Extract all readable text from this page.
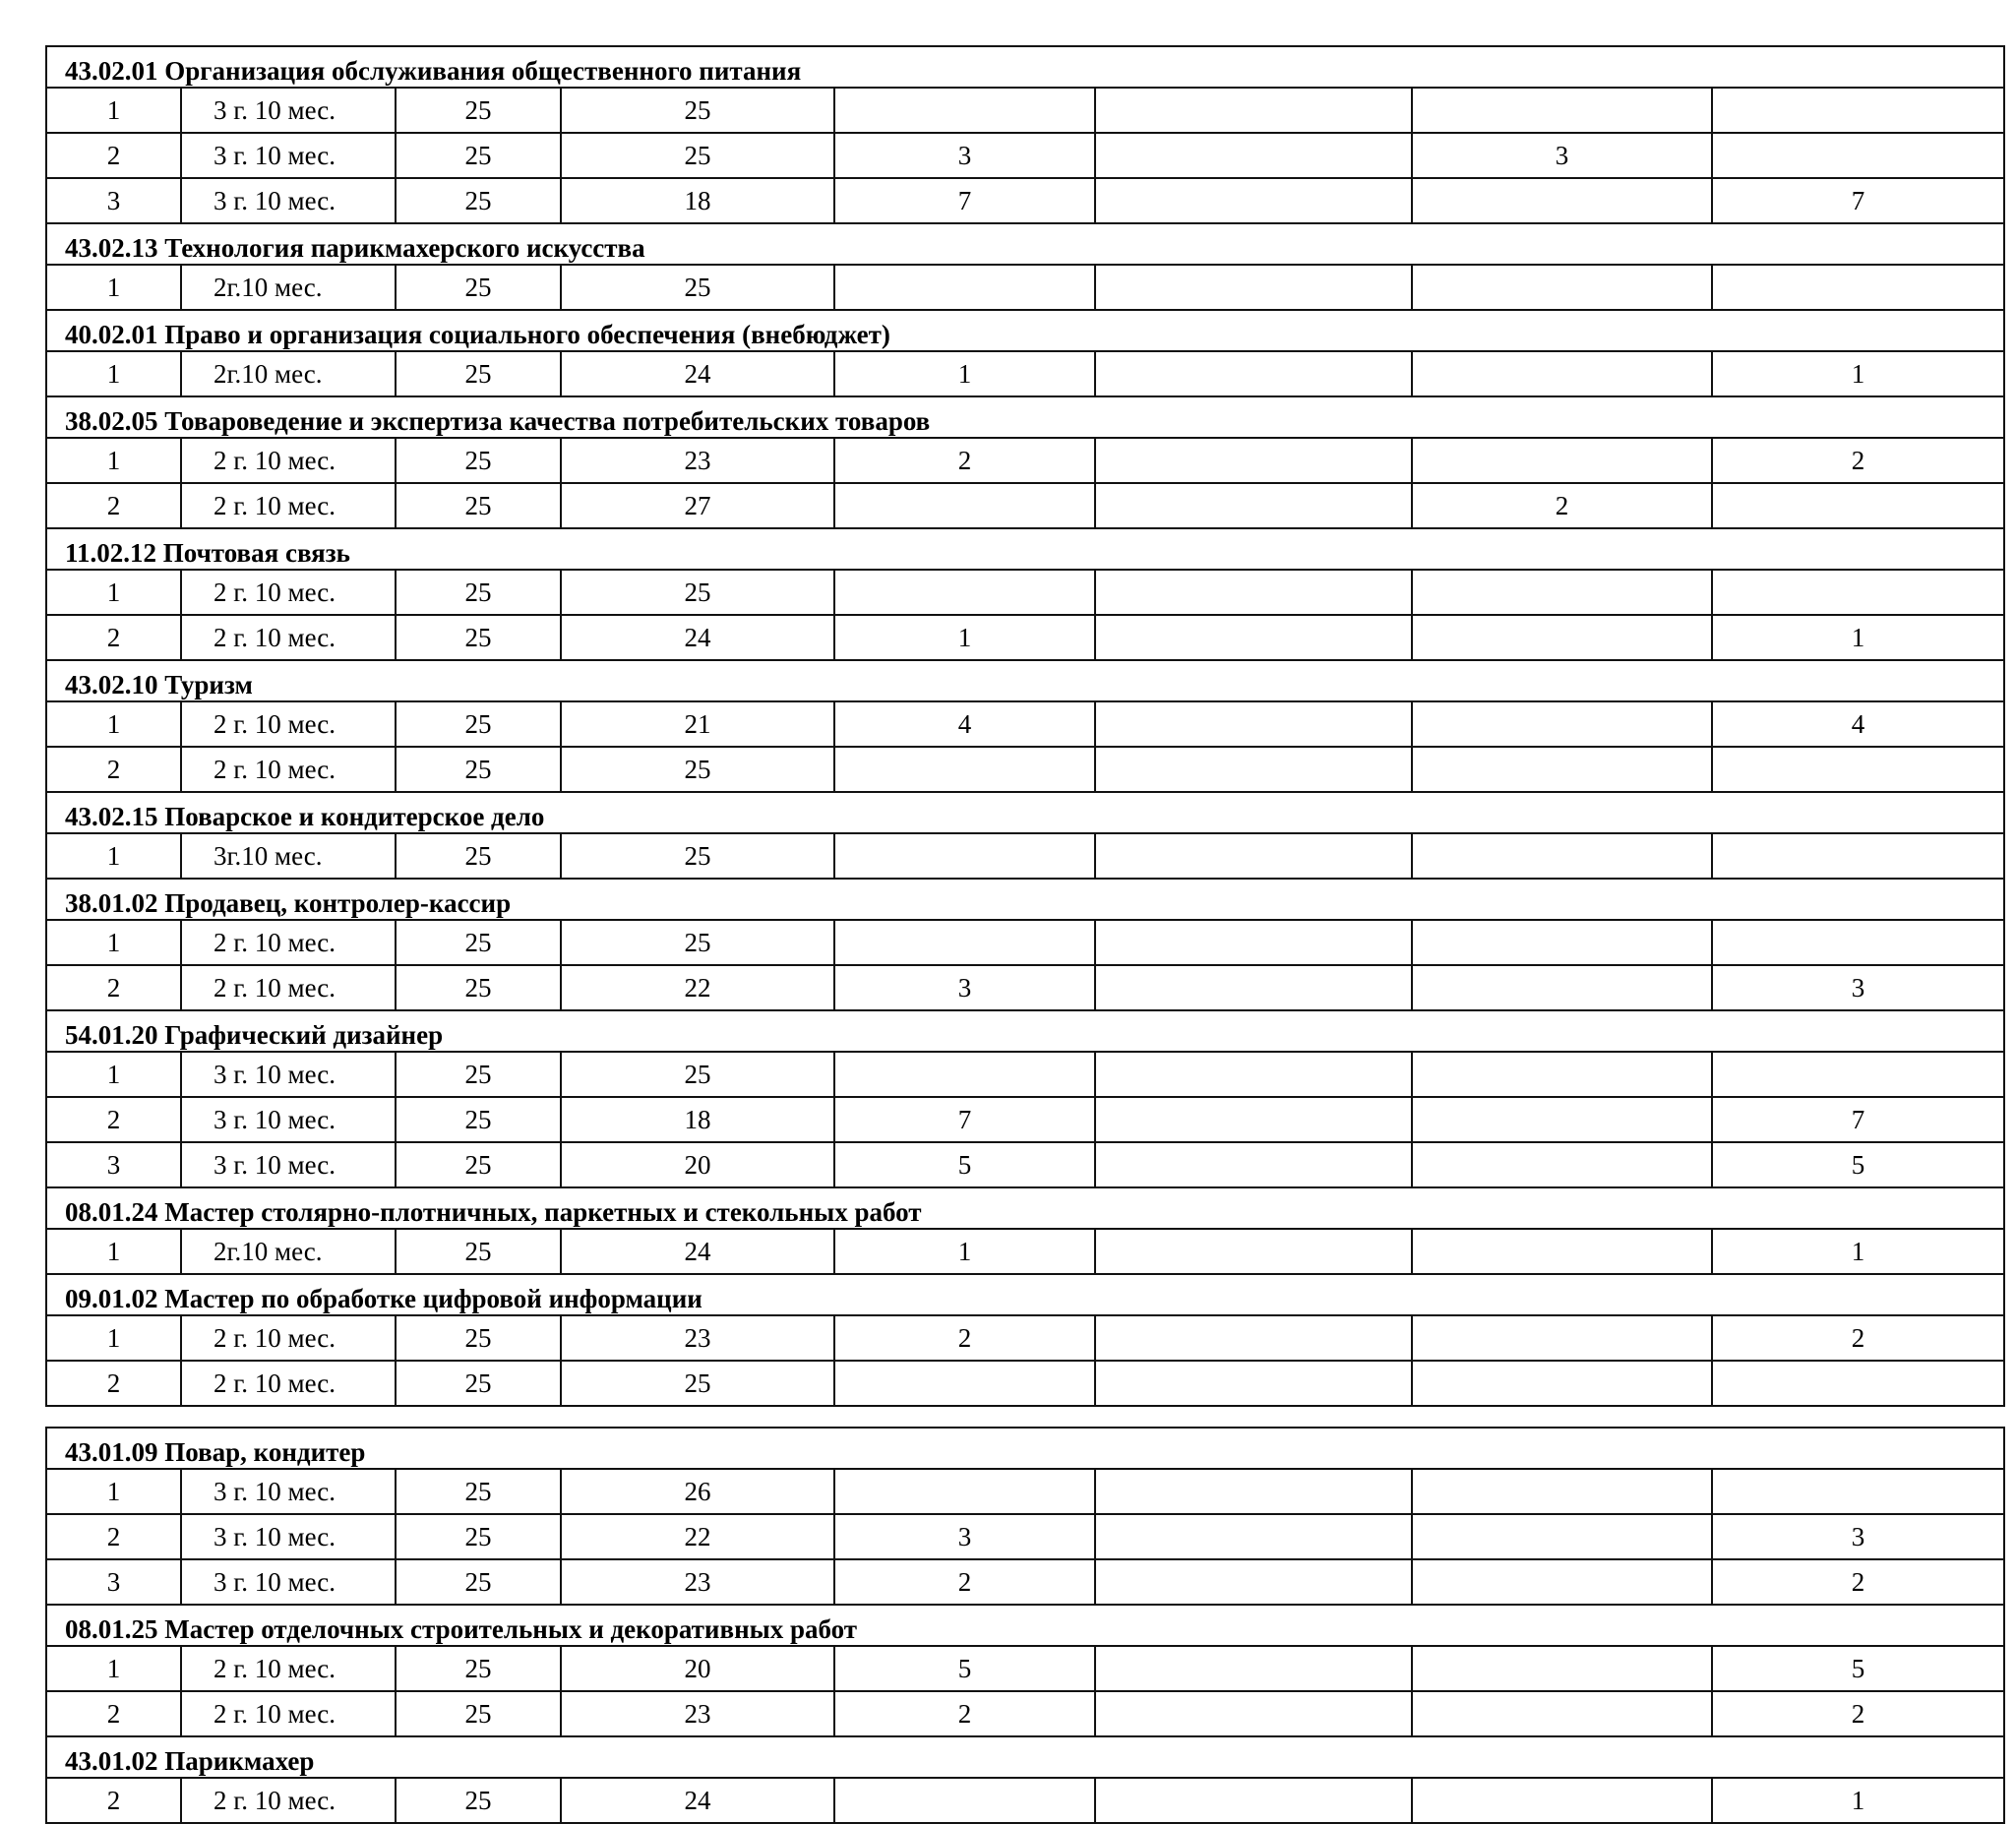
43.02.01 Организация обслуживания общественного питания							
1	3 г. 10 мес.	25	25				
2	3 г. 10 мес.	25	25	3		3	
3	3 г. 10 мес.	25	18	7			7
43.02.13 Технология парикмахерского искусства							
1	2г.10 мес.	25	25				
40.02.01 Право и организация социального обеспечения (внебюджет)							
1	2г.10 мес.	25	24	1			1
38.02.05 Товароведение и экспертиза качества потребительских товаров							
1	2 г. 10 мес.	25	23	2			2
2	2 г. 10 мес.	25	27			2	
11.02.12 Почтовая связь							
1	2 г. 10 мес.	25	25				
2	2 г. 10 мес.	25	24	1			1
43.02.10 Туризм							
1	2 г. 10 мес.	25	21	4			4
2	2 г. 10 мес.	25	25				
43.02.15 Поварское и кондитерское дело							
1	3г.10 мес.	25	25				
38.01.02 Продавец, контролер-кассир							
1	2 г. 10 мес.	25	25				
2	2 г. 10 мес.	25	22	3			3
54.01.20 Графический дизайнер							
1	3 г. 10 мес.	25	25				
2	3 г. 10 мес.	25	18	7			7
3	3 г. 10 мес.	25	20	5			5
08.01.24 Мастер столярно-плотничных, паркетных и стекольных работ							
1	2г.10 мес.	25	24	1			1
09.01.02 Мастер по обработке цифровой информации							
1	2 г. 10 мес.	25	23	2			2
2	2 г. 10 мес.	25	25				

43.01.09 Повар, кондитер							
1	3 г. 10 мес.	25	26				
2	3 г. 10 мес.	25	22	3			3
3	3 г. 10 мес.	25	23	2			2
08.01.25 Мастер отделочных строительных и декоративных работ							
1	2 г. 10 мес.	25	20	5			5
2	2 г. 10 мес.	25	23	2			2
43.01.02 Парикмахер							
2	2 г. 10 мес.	25	24				1
